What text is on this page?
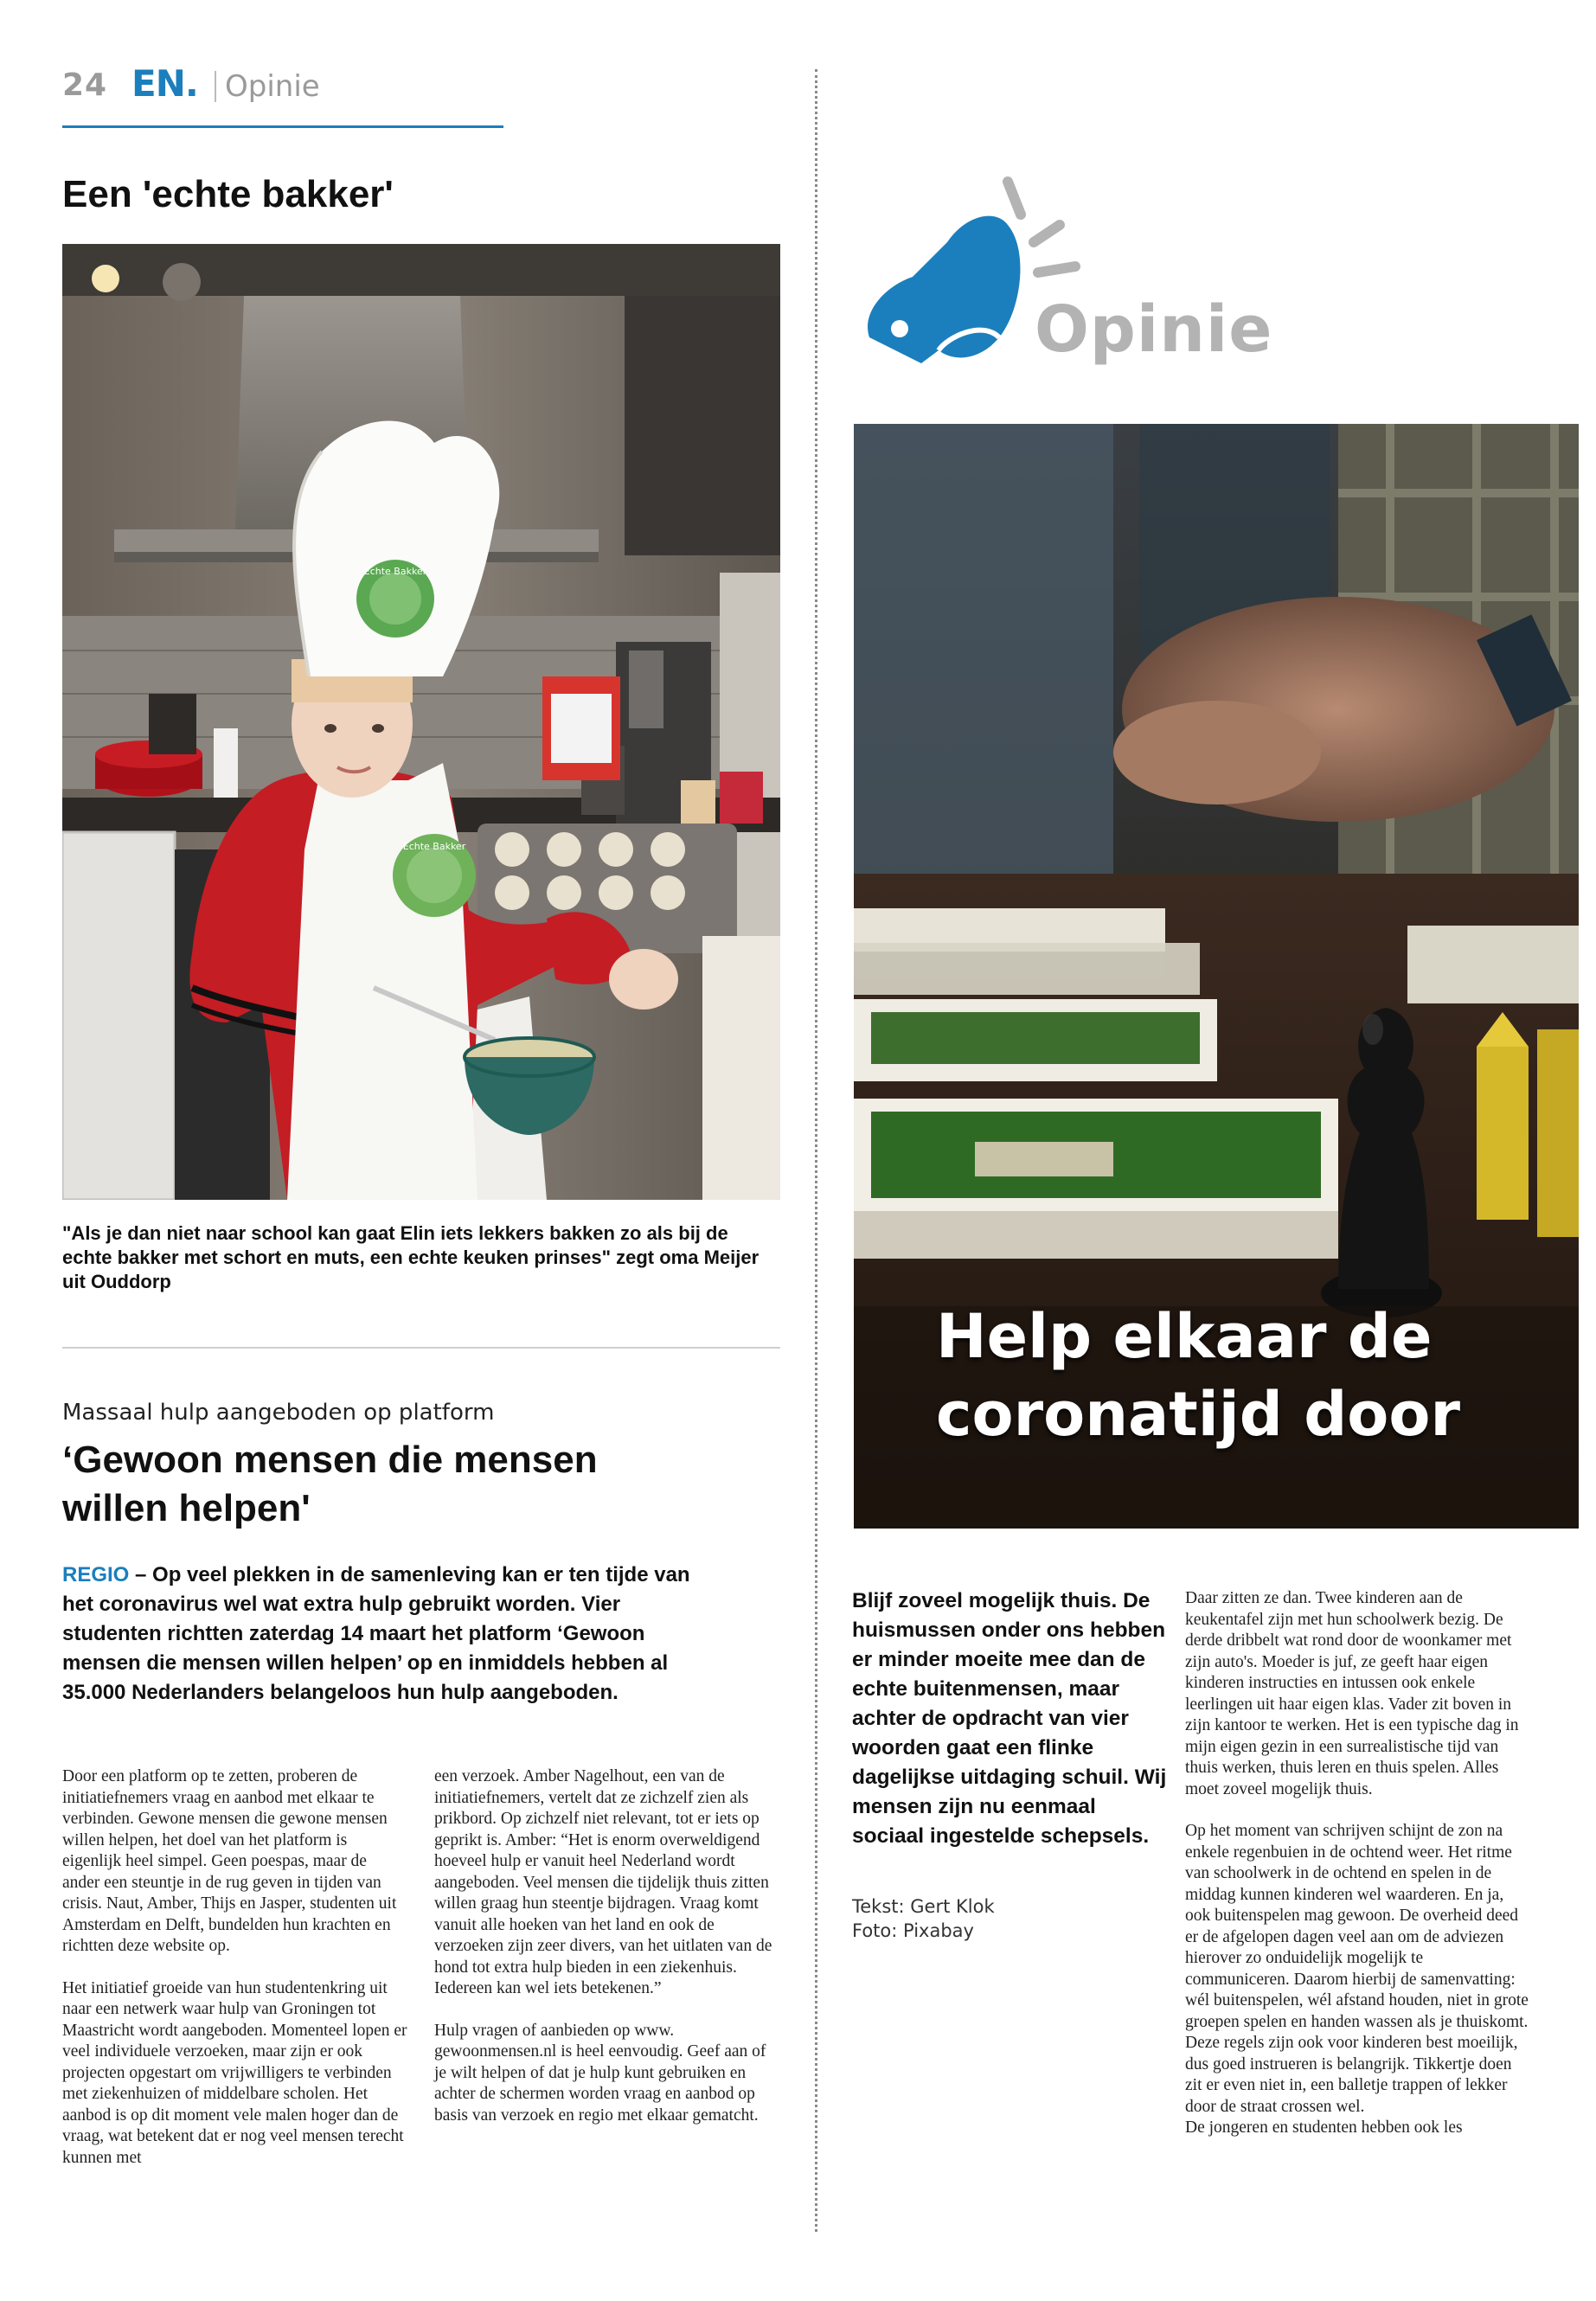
24 EN. Opinie
Een 'echte bakker'
Echte Bakker
Echte Bakker
"Als je dan niet naar school kan gaat Elin iets lekkers bakken zo als bij de echte bakker met schort en muts, een echte keuken prinses" zegt oma Meijer uit Ouddorp
Massaal hulp aangeboden op platform
‘Gewoon mensen die mensen willen helpen'
REGIO – Op veel plekken in de samenleving kan er ten tijde van het coronavirus wel wat extra hulp gebruikt worden. Vier studenten richtten zaterdag 14 maart het platform ‘Gewoon mensen die mensen willen helpen’ op en inmiddels hebben al 35.000 Nederlanders belangeloos hun hulp aangeboden.

Door een platform op te zetten, proberen de initiatiefnemers vraag en aanbod met elkaar te verbinden. Gewone mensen die gewone mensen willen helpen, het doel van het platform is eigenlijk heel simpel. Geen poespas, maar de ander een steuntje in de rug geven in tijden van crisis. Naut, Amber, Thijs en Jasper, studenten uit Amsterdam en Delft, bundelden hun krachten en richtten deze website op.

Het initiatief groeide van hun studentenkring uit naar een netwerk waar hulp van Groningen tot Maastricht wordt aangeboden. Momenteel lopen er veel individuele verzoeken, maar zijn er ook projecten opgestart om vrijwilligers te verbinden met ziekenhuizen of middelbare scholen. Het aanbod is op dit moment vele malen hoger dan de vraag, wat betekent dat er nog veel mensen terecht kunnen met

een verzoek. Amber Nagelhout, een van de initiatiefnemers, vertelt dat ze zichzelf zien als prikbord. Op zichzelf niet relevant, tot er iets op geprikt is. Amber: “Het is enorm overweldigend hoeveel hulp er vanuit heel Nederland wordt aangeboden. Veel mensen die tijdelijk thuis zitten willen graag hun steentje bijdragen. Vraag komt vanuit alle hoeken van het land en ook de verzoeken zijn zeer divers, van het uitlaten van de hond tot extra hulp bieden in een ziekenhuis. Iedereen kan wel iets betekenen.”

Hulp vragen of aanbieden op www. gewoonmensen.nl is heel eenvoudig. Geef aan of je wilt helpen of dat je hulp kunt gebruiken en achter de schermen worden vraag en aanbod op basis van verzoek en regio met elkaar gematcht.

Opinie
Help elkaar de coronatijd door
Blijf zoveel mogelijk thuis. De huismussen onder ons hebben er minder moeite mee dan de echte buitenmensen, maar achter de opdracht van vier woorden gaat een flinke dagelijkse uitdaging schuil. Wij mensen zijn nu eenmaal sociaal ingestelde schepsels.
Tekst: Gert Klok
Foto: Pixabay

Daar zitten ze dan. Twee kinderen aan de keukentafel zijn met hun schoolwerk bezig. De derde dribbelt wat rond door de woonkamer met zijn auto's. Moeder is juf, ze geeft haar eigen kinderen instructies en intussen ook enkele leerlingen uit haar eigen klas. Vader zit boven in zijn kantoor te werken. Het is een typische dag in mijn eigen gezin in een surrealistische tijd van thuis werken, thuis leren en thuis spelen. Alles moet zoveel mogelijk thuis.

Op het moment van schrijven schijnt de zon na enkele regenbuien in de ochtend weer. Het ritme van schoolwerk in de ochtend en spelen in de middag kunnen kinderen wel waarderen. En ja, ook buitenspelen mag gewoon. De overheid deed er de afgelopen dagen veel aan om de adviezen hierover zo onduidelijk mogelijk te communiceren. Daarom hierbij de samenvatting: wél buitenspelen, wél afstand houden, niet in grote groepen spelen en handen wassen als je thuiskomt. Deze regels zijn ook voor kinderen best moeilijk, dus goed instrueren is belangrijk. Tikkertje doen zit er even niet in, een balletje trappen of lekker door de straat crossen wel.

De jongeren en studenten hebben ook les
